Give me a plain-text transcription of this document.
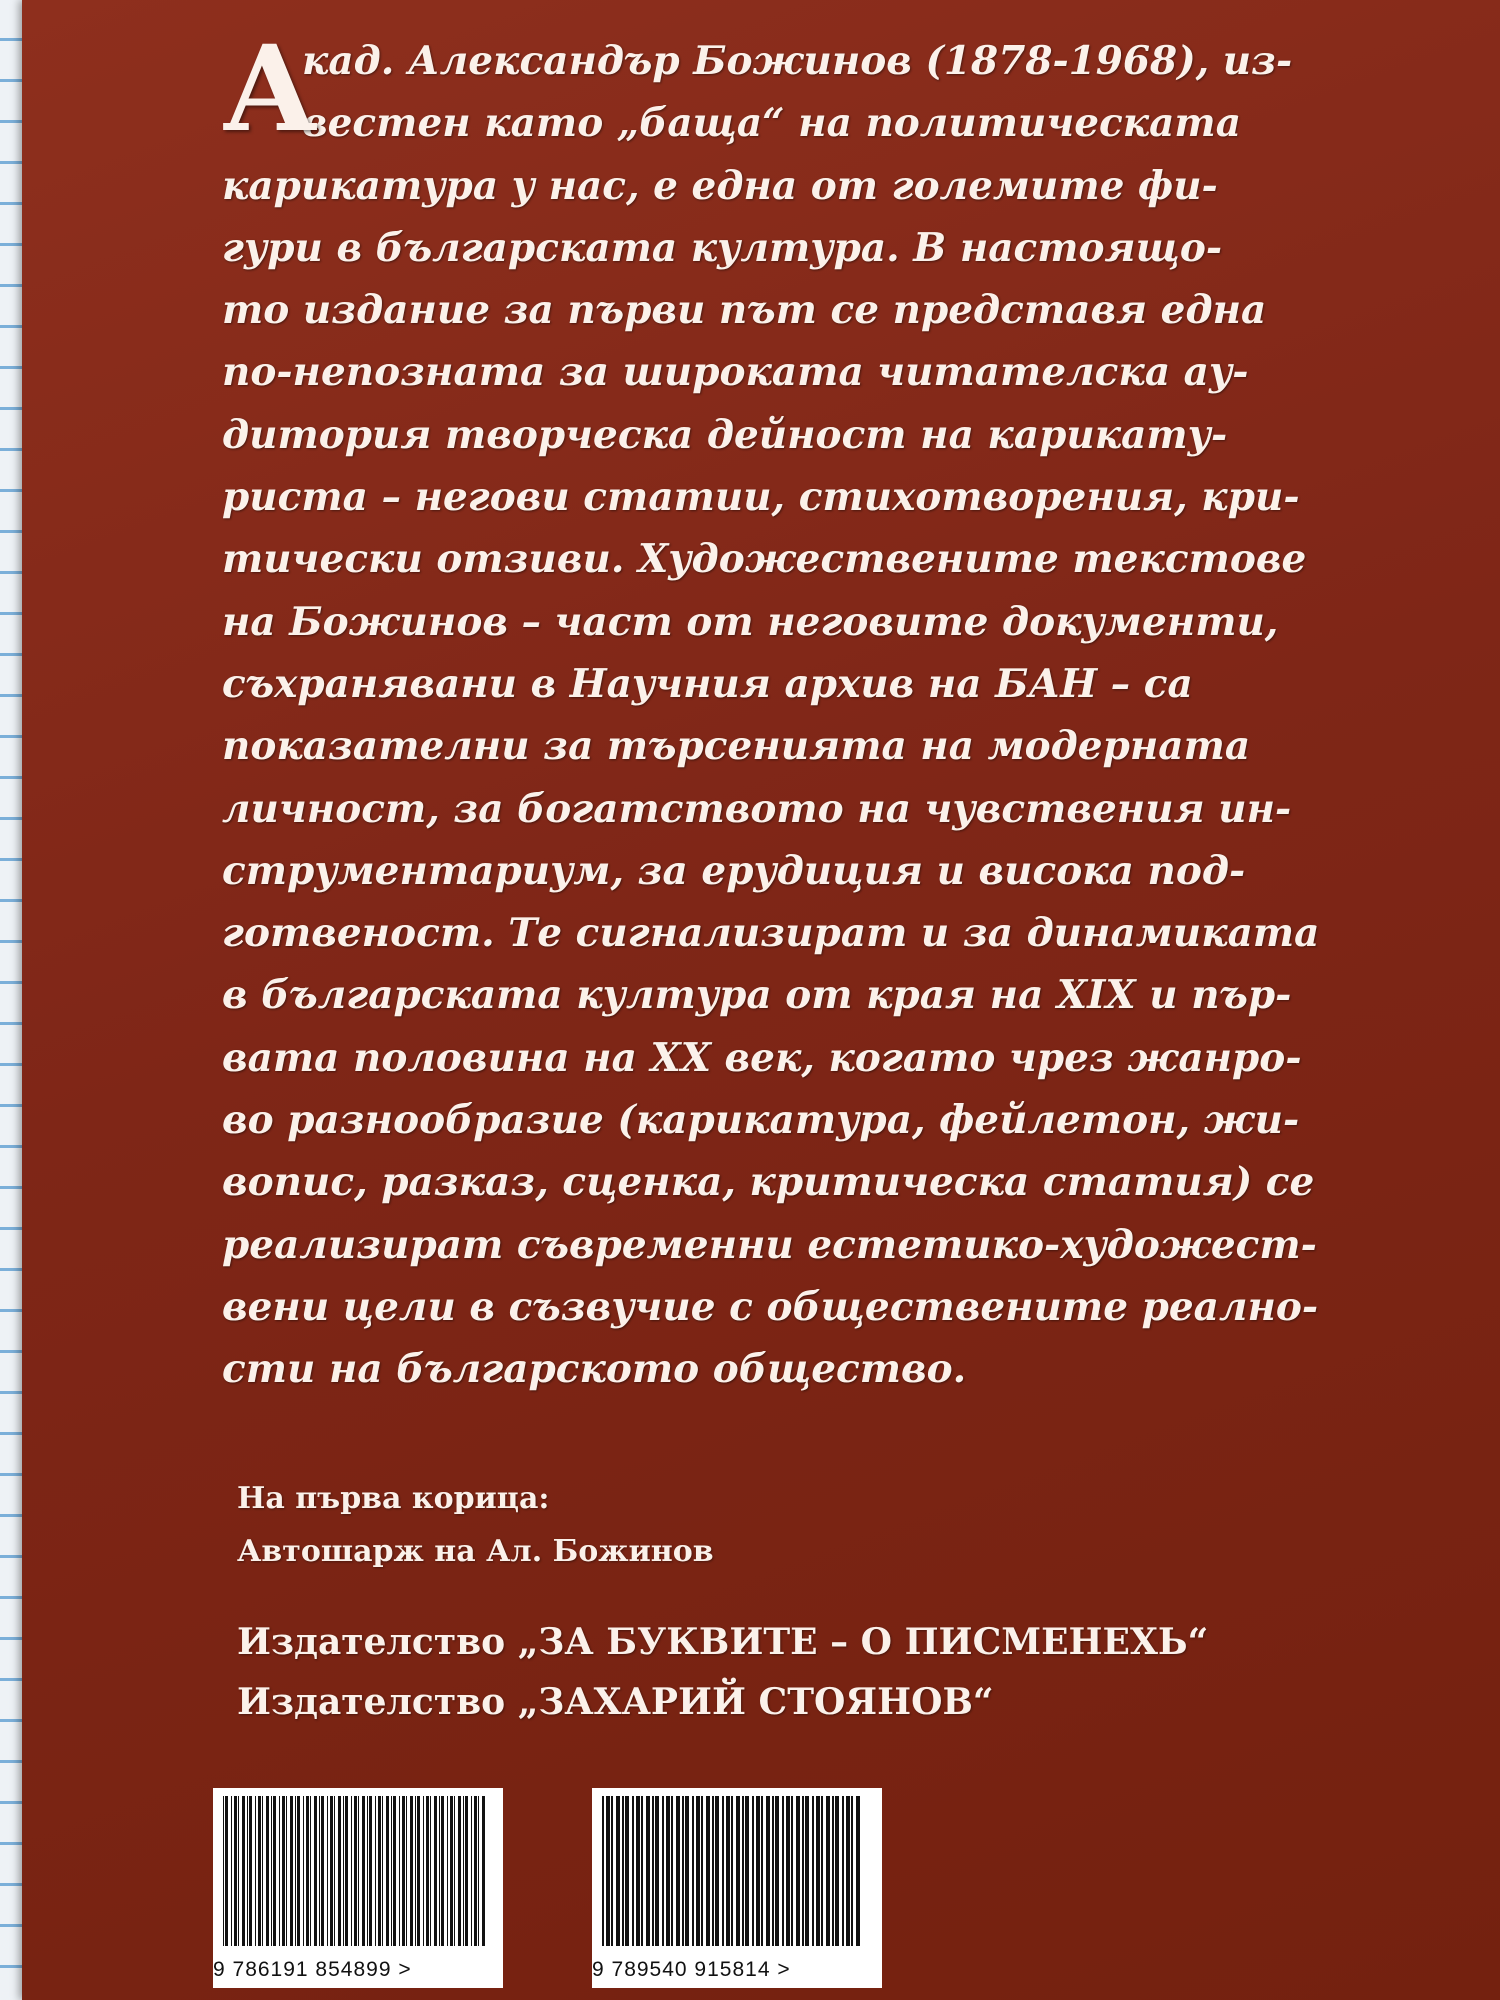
А
кад. Александър Божинов (1878-1968), из-
вестен като „баща“ на политическата
карикатура у нас, е една от големите фи-
гури в българската култура. В настоящо-
то издание за първи път се представя една
по-непозната за широката читателска ау-
дитория творческа дейност на карикату-
риста – негови статии, стихотворения, кри-
тически отзиви. Художествените текстове
на Божинов – част от неговите документи,
съхранявани в Научния архив на БАН – са
показателни за търсенията на модерната
личност, за богатството на чувствения ин-
струментариум, за ерудиция и висока под-
готвеност. Те сигнализират и за динамиката
в българската култура от края на XIX и пър-
вата половина на XX век, когато чрез жанро-
во разнообразие (карикатура, фейлетон, жи-
вопис, разказ, сценка, критическа статия) се
реализират съвременни естетико-художест-
вени цели в съзвучие с обществените реално-
сти на българското общество.
На първа корица:
Автошарж на Ал. Божинов
Издателство „ЗА БУКВИТЕ – О ПИСМЕНЕХЬ“
Издателство „ЗАХАРИЙ СТОЯНОВ“
9 786191 854899 >	9 789540 915814 >
